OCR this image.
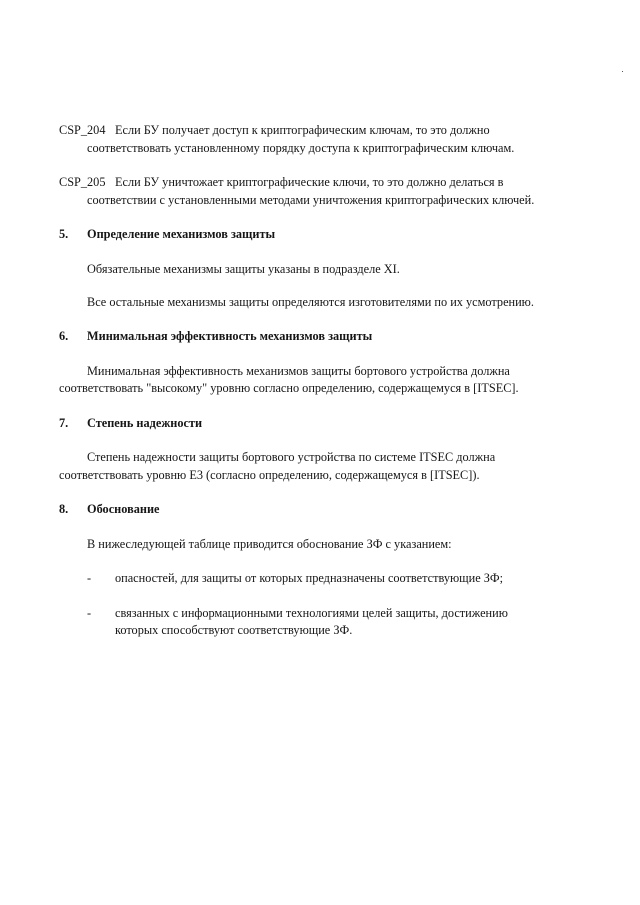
CSP_204 Если БУ получает доступ к криптографическим ключам, то это должно
соответствовать установленному порядку доступа к криптографическим ключам.
CSP_205 Если БУ уничтожает криптографические ключи, то это должно делаться в
соответствии с установленными методами уничтожения криптографических ключей.
5. Определение механизмов защиты
Обязательные механизмы защиты указаны в подразделе XI.
Все остальные механизмы защиты определяются изготовителями по их усмотрению.
6. Минимальная эффективность механизмов защиты
Минимальная эффективность механизмов защиты бортового устройства должна
соответствовать "высокому" уровню согласно определению, содержащемуся в [ITSEC].
7. Степень надежности
Степень надежности защиты бортового устройства по системе ITSEC должна
соответствовать уровню Е3 (согласно определению, содержащемуся в [ITSEC]).
8. Обоснование
В нижеследующей таблице приводится обоснование ЗФ с указанием:
- опасностей, для защиты от которых предназначены соответствующие ЗФ;
- связанных с информационными технологиями целей защиты, достижению
которых способствуют соответствующие ЗФ.
